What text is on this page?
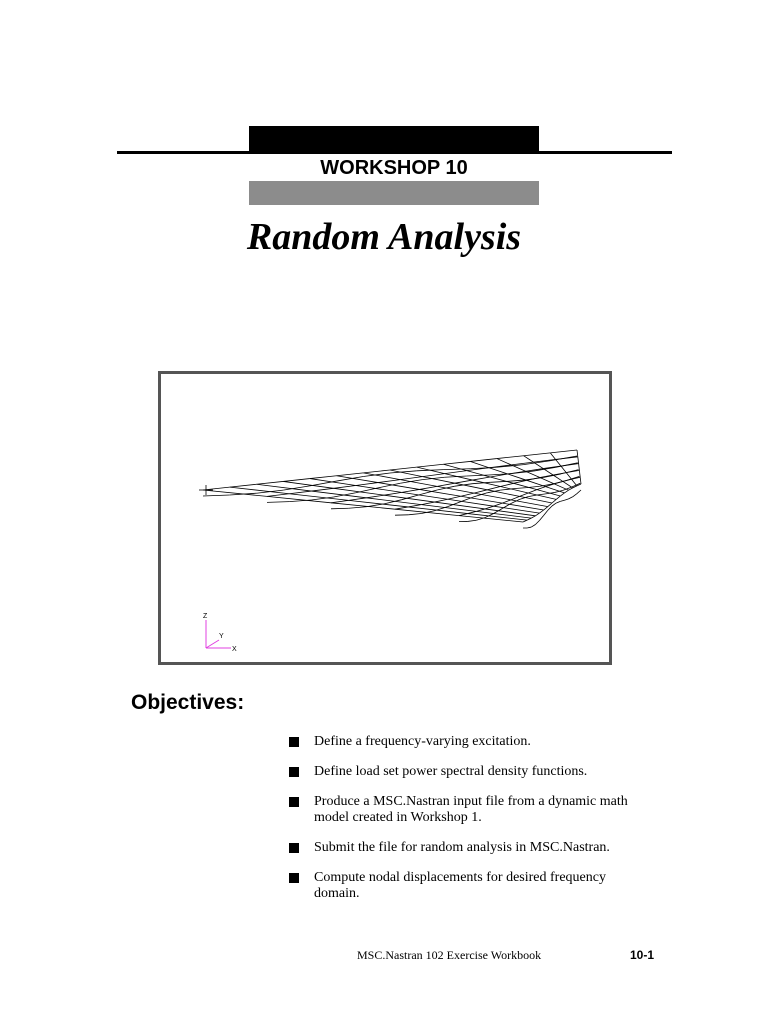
WORKSHOP 10
Random Analysis
Z
Y
X
Objectives:
Define a frequency-varying excitation.

Define load set power spectral density functions.

Produce a MSC.Nastran input file from a dynamic math
model created in Workshop 1.
Submit the file for random analysis in MSC.Nastran.

Compute nodal displacements for desired frequency
domain.
MSC.Nastran 102 Exercise Workbook	10-1
